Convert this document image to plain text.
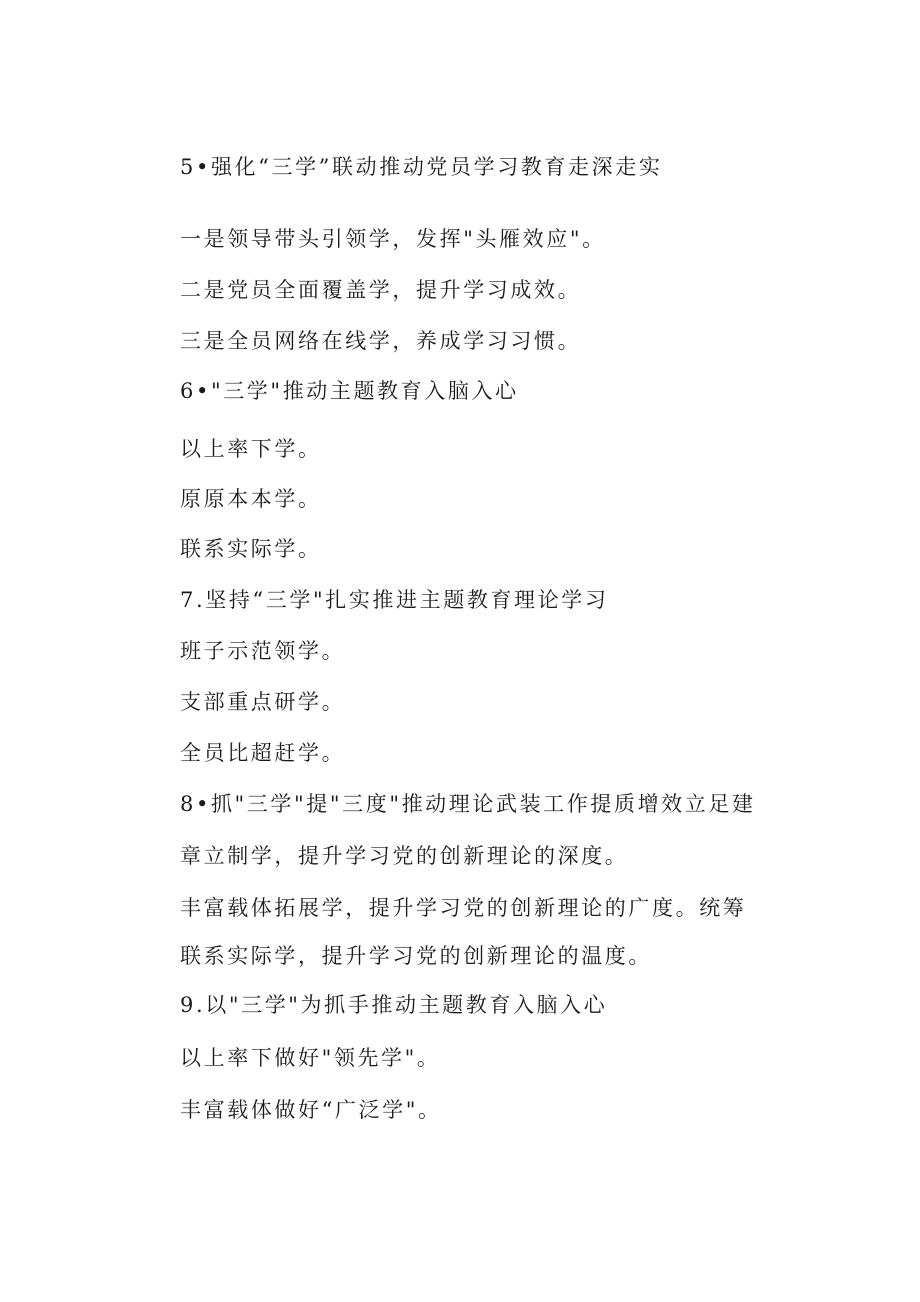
5•强化“三学”联动推动党员学习教育走深走实
一是领导带头引领学，发挥"头雁效应"。
二是党员全面覆盖学，提升学习成效。
三是全员网络在线学，养成学习习惯。
6•"三学"推动主题教育入脑入心
以上率下学。
原原本本学。
联系实际学。
7.坚持“三学"扎实推进主题教育理论学习
班子示范领学。
支部重点研学。
全员比超赶学。
8•抓"三学"提"三度"推动理论武装工作提质增效立足建
章立制学，提升学习党的创新理论的深度。
丰富载体拓展学，提升学习党的创新理论的广度。统筹
联系实际学，提升学习党的创新理论的温度。
9.以"三学"为抓手推动主题教育入脑入心
以上率下做好"领先学"。
丰富载体做好“广泛学"。
